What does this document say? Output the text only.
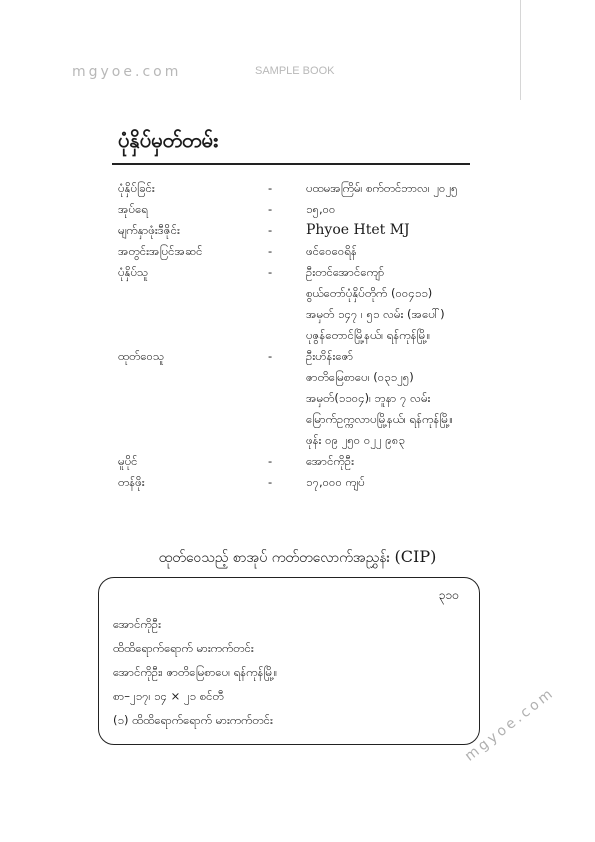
mgyoe.com	SAMPLE BOOK
ပုံနှိပ်မှတ်တမ်း
ပုံနှိပ်ခြင်း	-	ပထမအကြိမ်၊ စက်တင်ဘာလ၊ ၂၀၂၅
အုပ်ရေ	-	၁၅,၀၀
မျက်နှာဖုံးဒီဇိုင်း	-	Phyoe Htet MJ
အတွင်းအပြင်အဆင်	-	ဖင်ဝေဝေရိန်
ပုံနှိပ်သူ	-	ဦးတင်အောင်ကျော်
စွယ်တော်ပုံနှိပ်တိုက် (၀၀၄၁၁)
အမှတ် ၁၄၇ ၊ ၅၁ လမ်း (အပေါ်)
ပုဇွန်တောင်မြို့နယ်၊ ရန်ကုန်မြို့။
ထုတ်ဝေသူ	-	ဦးဟိန်းဇော်
ဇာတိမြေစာပေ၊ (၀၃၁၂၅)
အမှတ်(၁၁၀၄)၊ ဘူနာ ၇ လမ်း
မြောက်ဥက္ကလာပမြို့နယ်၊ ရန်ကုန်မြို့။
ဖုန်း ၀၉ ၂၅၀ ၀၂၂ ၉၈၃
မူပိုင်	-	အောင်ကိုဦး
တန်ဖိုး	-	၁၇,၀၀၀ ကျပ်
ထုတ်ဝေသည့် စာအုပ် ကတ်တလောက်အညွှန်း (CIP)
၃၁၀
အောင်ကိုဦး
ထိထိရောက်ရောက် မားကက်တင်း
အောင်ကိုဦး၊ ဇာတိမြေစာပေ၊ ရန်ကုန်မြို့။
စာ–၂၁၇၊ ၁၄ × ၂၁ စင်တီ
(၁) ထိထိရောက်ရောက် မားကက်တင်း	mgyoe.com
